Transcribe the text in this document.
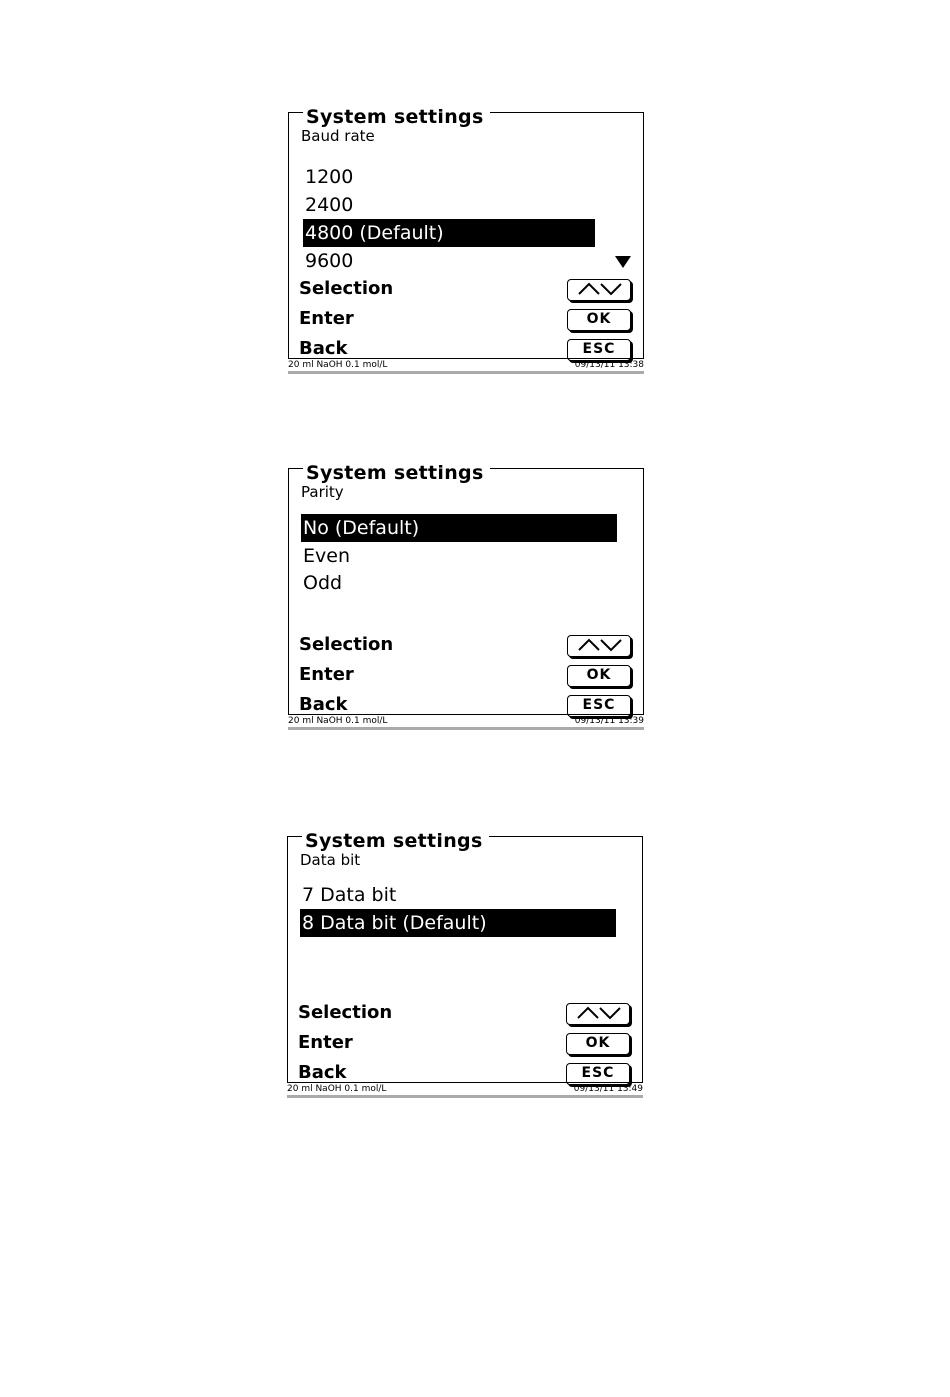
System settings
Baud rate
1200
2400
4800 (Default)
9600
Selection
Enter	OK
Back	ESC
20 ml NaOH 0.1 mol/L	09/13/11 13:38
System settings
Parity
No (Default)
Even
Odd
Selection
Enter	OK
Back	ESC
20 ml NaOH 0.1 mol/L	09/13/11 13:39
System settings
Data bit
7 Data bit
8 Data bit (Default)
Selection
Enter	OK
Back	ESC
20 ml NaOH 0.1 mol/L	09/13/11 13:49
